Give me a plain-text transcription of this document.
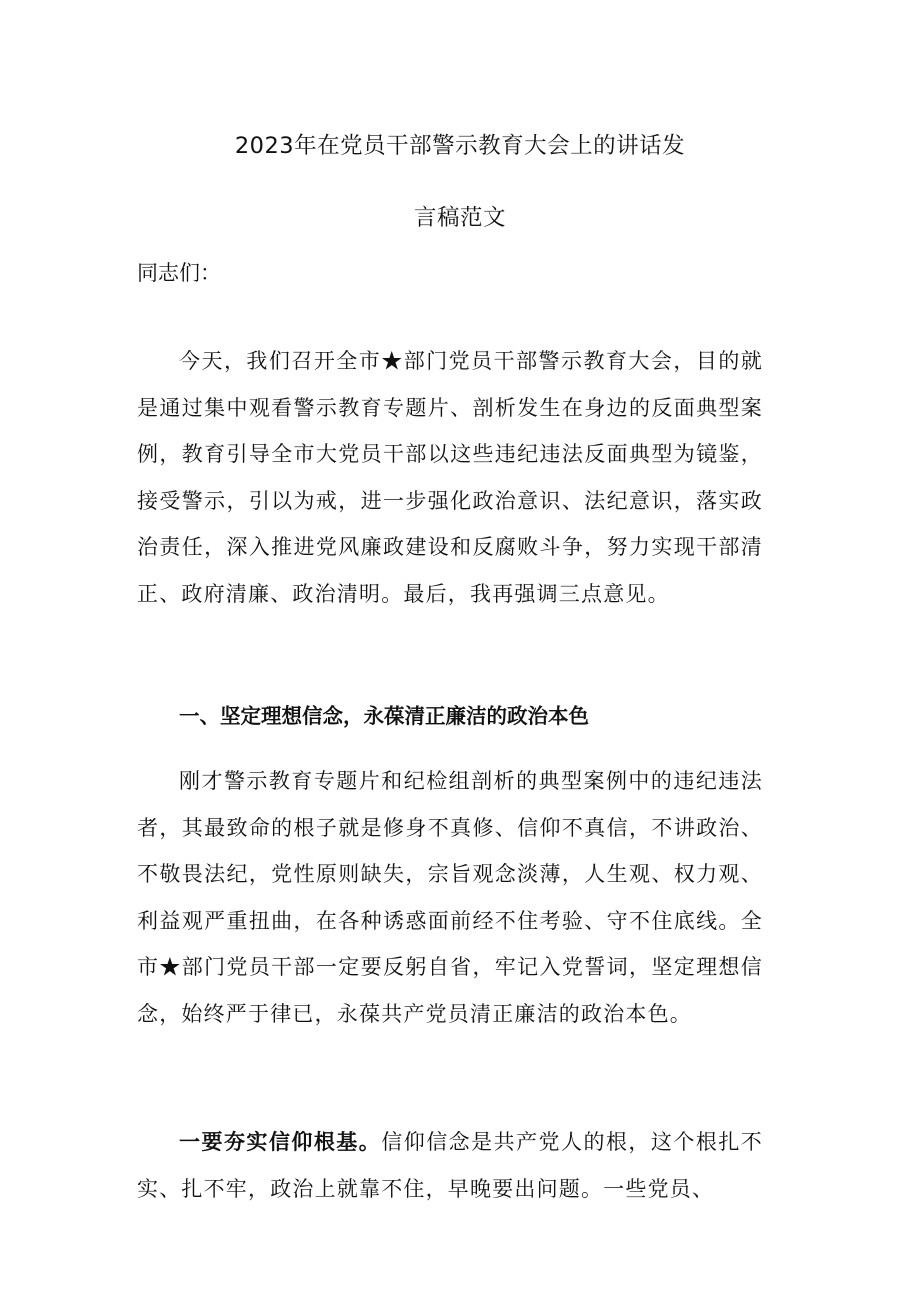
2023年在党员干部警示教育大会上的讲话发
言稿范文

同志们：

今天，我们召开全市★部门党员干部警示教育大会，目的就是通过集中观看警示教育专题片、剖析发生在身边的反面典型案例，教育引导全市大党员干部以这些违纪违法反面典型为镜鉴，接受警示，引以为戒，进一步强化政治意识、法纪意识，落实政治责任，深入推进党风廉政建设和反腐败斗争，努力实现干部清正、政府清廉、政治清明。最后，我再强调三点意见。

一、坚定理想信念，永葆清正廉洁的政治本色

刚才警示教育专题片和纪检组剖析的典型案例中的违纪违法者，其最致命的根子就是修身不真修、信仰不真信，不讲政治、不敬畏法纪，党性原则缺失，宗旨观念淡薄，人生观、权力观、利益观严重扭曲，在各种诱惑面前经不住考验、守不住底线。全市★部门党员干部一定要反躬自省，牢记入党誓词，坚定理想信念，始终严于律已，永葆共产党员清正廉洁的政治本色。

一要夯实信仰根基。信仰信念是共产党人的根，这个根扎不实、扎不牢，政治上就靠不住，早晚要出问题。一些党员、
